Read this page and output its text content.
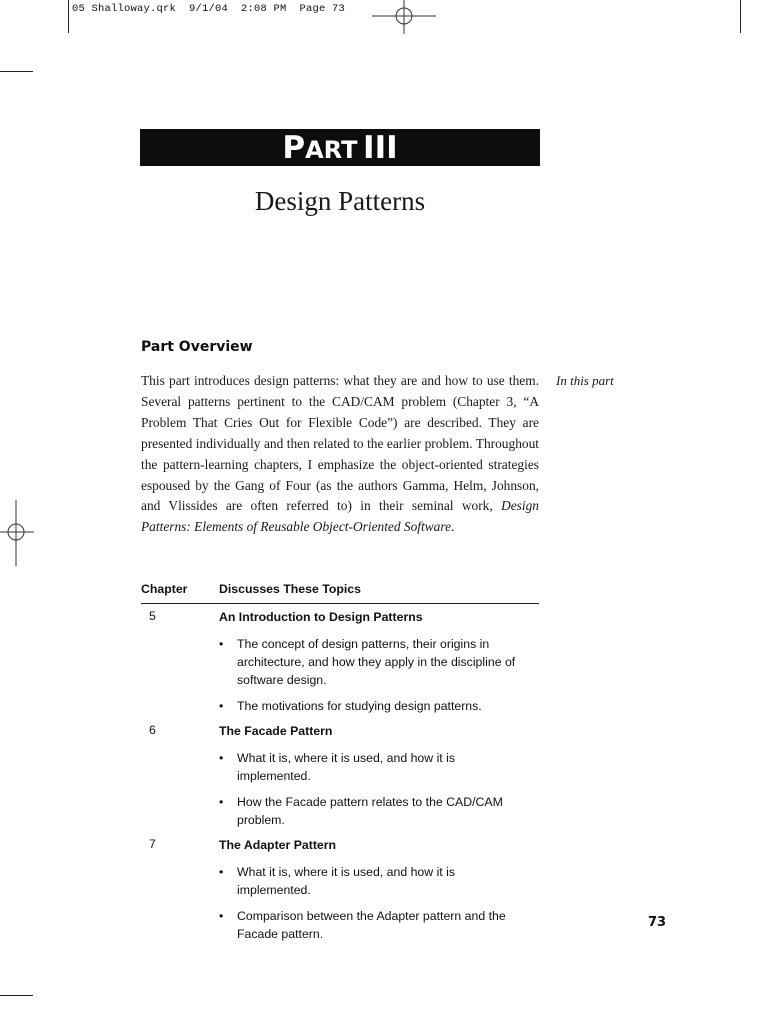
05 Shalloway.qrk  9/1/04  2:08 PM  Page 73
PART III
Design Patterns
Part Overview
This part introduces design patterns: what they are and how to use them. Several patterns pertinent to the CAD/CAM problem (Chapter 3, “A Problem That Cries Out for Flexible Code”) are described. They are presented individually and then related to the earlier problem. Throughout the pattern-learning chapters, I emphasize the object-oriented strategies espoused by the Gang of Four (as the authors Gamma, Helm, Johnson, and Vlissides are often referred to) in their seminal work, Design Patterns: Elements of Reusable Object-Oriented Software.
In this part
Chapter	Discusses These Topics
5	An Introduction to Design Patterns
• The concept of design patterns, their origins in architecture, and how they apply in the discipline of software design.
• The motivations for studying design patterns.
6	The Facade Pattern
• What it is, where it is used, and how it is implemented.
• How the Facade pattern relates to the CAD/CAM problem.
7	The Adapter Pattern
• What it is, where it is used, and how it is implemented.
• Comparison between the Adapter pattern and the Facade pattern.
73
